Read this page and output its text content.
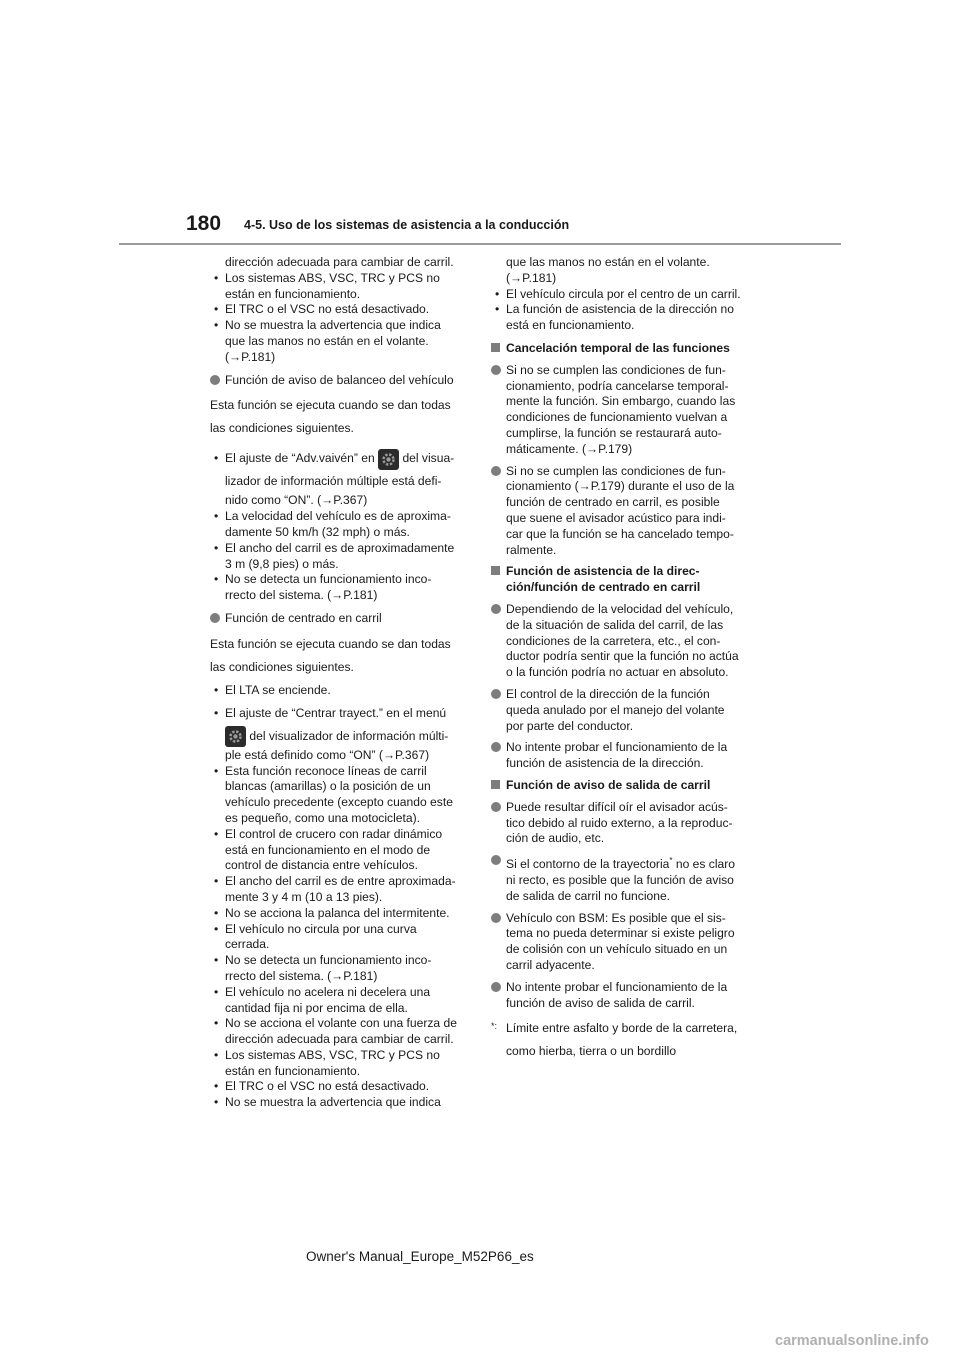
180 4-5. Uso de los sistemas de asistencia a la conducción

dirección adecuada para cambiar de carril.

• Los sistemas ABS, VSC, TRC y PCS no están en funcionamiento.

• El TRC o el VSC no está desactivado.

• No se muestra la advertencia que indica que las manos no están en el volante. (→P.181)

Función de aviso de balanceo del vehículo

Esta función se ejecuta cuando se dan todas

las condiciones siguientes.

• El ajuste de “Adv.vaivén” en del visua-

lizador de información múltiple está defi-

nido como “ON”. (→P.367)

• La velocidad del vehículo es de aproxima- damente 50 km/h (32 mph) o más.

• El ancho del carril es de aproximadamente 3 m (9,8 pies) o más.

• No se detecta un funcionamiento inco- rrecto del sistema. (→P.181)

Función de centrado en carril

Esta función se ejecuta cuando se dan todas

las condiciones siguientes.

• El LTA se enciende.

• El ajuste de “Centrar trayect.” en el menú

del visualizador de información múlti-

ple está definido como “ON” (→P.367)

• Esta función reconoce líneas de carril blancas (amarillas) o la posición de un vehículo precedente (excepto cuando este es pequeño, como una motocicleta).

• El control de crucero con radar dinámico está en funcionamiento en el modo de control de distancia entre vehículos.

• El ancho del carril es de entre aproximada- mente 3 y 4 m (10 a 13 pies).

• No se acciona la palanca del intermitente.

• El vehículo no circula por una curva cerrada.

• No se detecta un funcionamiento inco- rrecto del sistema. (→P.181)

• El vehículo no acelera ni decelera una cantidad fija ni por encima de ella.

• No se acciona el volante con una fuerza de dirección adecuada para cambiar de carril.

• Los sistemas ABS, VSC, TRC y PCS no están en funcionamiento.

• El TRC o el VSC no está desactivado.

• No se muestra la advertencia que indica

que las manos no están en el volante. (→P.181)

• El vehículo circula por el centro de un carril.

• La función de asistencia de la dirección no está en funcionamiento.

Cancelación temporal de las funciones

Si no se cumplen las condiciones de fun- cionamiento, podría cancelarse temporal- mente la función. Sin embargo, cuando las condiciones de funcionamiento vuelvan a cumplirse, la función se restaurará auto- máticamente. (→P.179)

Si no se cumplen las condiciones de fun- cionamiento (→P.179) durante el uso de la función de centrado en carril, es posible que suene el avisador acústico para indi- car que la función se ha cancelado tempo- ralmente.

Función de asistencia de la direc- ción/función de centrado en carril

Dependiendo de la velocidad del vehículo, de la situación de salida del carril, de las condiciones de la carretera, etc., el con- ductor podría sentir que la función no actúa o la función podría no actuar en absoluto.

El control de la dirección de la función queda anulado por el manejo del volante por parte del conductor.

No intente probar el funcionamiento de la función de asistencia de la dirección.

Función de aviso de salida de carril

Puede resultar difícil oír el avisador acús- tico debido al ruido externo, a la reproduc- ción de audio, etc.

Si el contorno de la trayectoria* no es claro ni recto, es posible que la función de aviso de salida de carril no funcione.

Vehículo con BSM: Es posible que el sis- tema no pueda determinar si existe peligro de colisión con un vehículo situado en un carril adyacente.

No intente probar el funcionamiento de la función de aviso de salida de carril.

*: Límite entre asfalto y borde de la carretera,

como hierba, tierra o un bordillo

Owner's Manual_Europe_M52P66_es
carmanualsonline.info
